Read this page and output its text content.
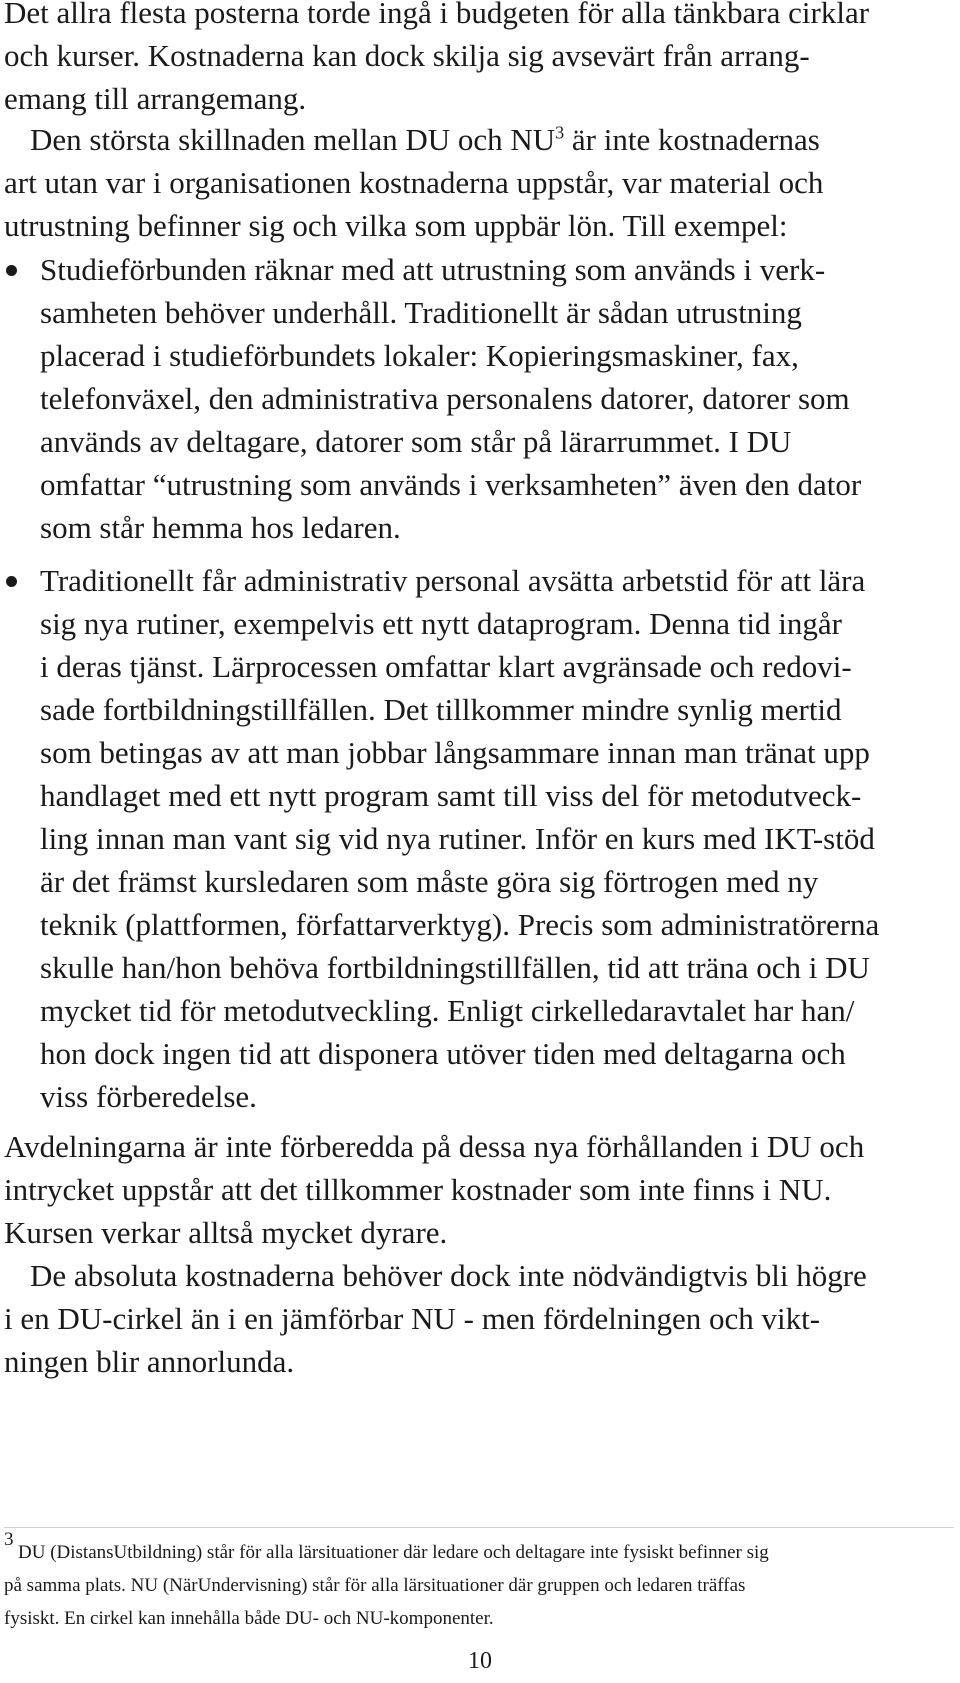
Det allra flesta posterna torde ingå i budgeten för alla tänkbara cirklar
och kurser. Kostnaderna kan dock skilja sig avsevärt från arrang-
emang till arrangemang.
Den största skillnaden mellan DU och $NU^3$ är inte kostnadernas
art utan var i organisationen kostnaderna uppstår, var material och
utrustning befinner sig och vilka som uppbär lön. Till exempel:
Studieförbunden räknar med att utrustning som används i verk-
samheten behöver underhåll. Traditionellt är sådan utrustning
placerad i studieförbundets lokaler: Kopieringsmaskiner, fax,
telefonväxel, den administrativa personalens datorer, datorer som
används av deltagare, datorer som står på lärarrummet. I DU
omfattar “utrustning som används i verksamheten” även den dator
som står hemma hos ledaren.
Traditionellt får administrativ personal avsätta arbetstid för att lära
sig nya rutiner, exempelvis ett nytt dataprogram. Denna tid ingår
i deras tjänst. Lärprocessen omfattar klart avgränsade och redovi-
sade fortbildningstillfällen. Det tillkommer mindre synlig mertid
som betingas av att man jobbar långsammare innan man tränat upp
handlaget med ett nytt program samt till viss del för metodutveck-
ling innan man vant sig vid nya rutiner. Inför en kurs med IKT-stöd
är det främst kursledaren som måste göra sig förtrogen med ny
teknik (plattformen, författarverktyg). Precis som administratörerna
skulle han/hon behöva fortbildningstillfällen, tid att träna och i DU
mycket tid för metodutveckling. Enligt cirkelledaravtalet har han/
hon dock ingen tid att disponera utöver tiden med deltagarna och
viss förberedelse.
Avdelningarna är inte förberedda på dessa nya förhållanden i DU och
intrycket uppstår att det tillkommer kostnader som inte finns i NU.
Kursen verkar alltså mycket dyrare.
De absoluta kostnaderna behöver dock inte nödvändigtvis bli högre
i en DU-cirkel än i en jämförbar NU - men fördelningen och vikt-
ningen blir annorlunda.
3
DU (DistansUtbildning) står för alla lärsituationer där ledare och deltagare inte fysiskt befinner sig
på samma plats. NU (NärUndervisning) står för alla lärsituationer där gruppen och ledaren träffas
fysiskt. En cirkel kan innehålla både DU- och NU-komponenter.
10
